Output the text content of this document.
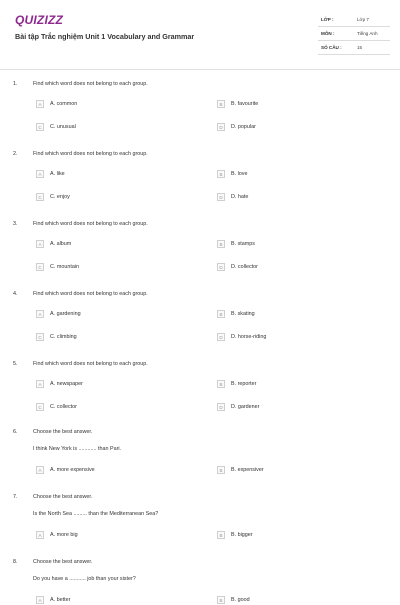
QUIZIZZ
Bài tập Trắc nghiệm Unit 1 Vocabulary and Grammar
LỚP :	Lớp 7
MÔN :	Tiếng Anh
SỐ CÂU :	15
1.	Find which word does not belong to each group.
A	A. common	B	B. favourite
C	C. unusual	D	D. popular
2.	Find which word does not belong to each group.
A	A. like	B	B. love
C	C. enjoy	D	D. hate
3.	Find which word does not belong to each group.
A	A. album	B	B. stamps
C	C. mountain	D	D. collector
4.	Find which word does not belong to each group.
A	A. gardening	B	B. skating
C	C. climbing	D	D. horse-riding
5.	Find which word does not belong to each group.
A	A. newspaper	B	B. reporter
C	C. collector	D	D. gardener
6.	Choose the best answer.
I think New York is ............ than Pari.
A	A. more expensive	B	B. expensiver
7.	Choose the best answer.
Is the North Sea ......... than the Mediterranean Sea?
A	A. more big	B	B. bigger
8.	Choose the best answer.
Do you have a ........... job than your sister?
A	A. better	B	B. good
